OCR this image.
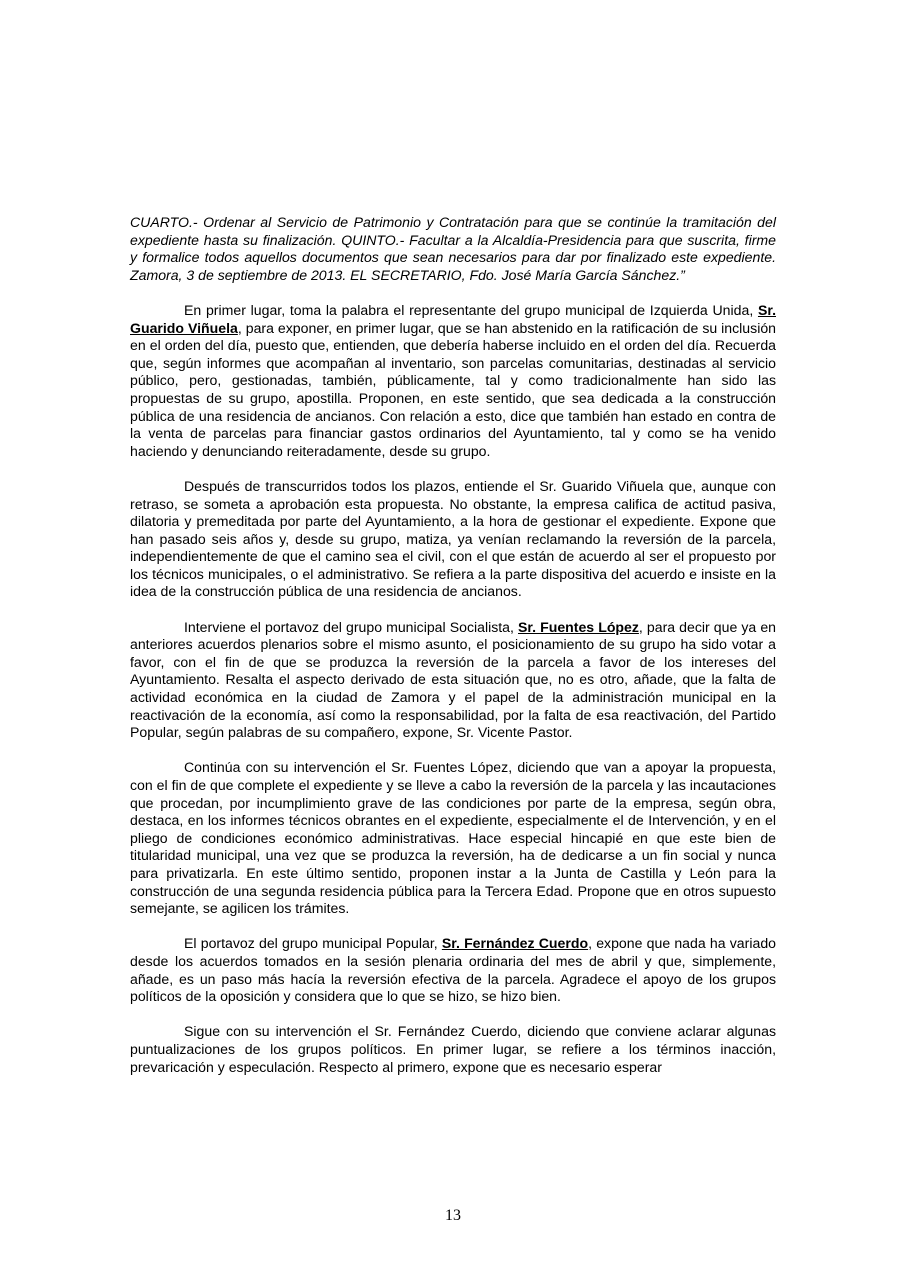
CUARTO.- Ordenar al Servicio de Patrimonio y Contratación para que se continúe la tramitación del expediente hasta su finalización. QUINTO.- Facultar a la Alcaldía-Presidencia para que suscrita, firme y formalice todos aquellos documentos que sean necesarios para dar por finalizado este expediente. Zamora, 3 de septiembre de 2013. EL SECRETARIO, Fdo. José María García Sánchez.”

En primer lugar, toma la palabra el representante del grupo municipal de Izquierda Unida, Sr. Guarido Viñuela, para exponer, en primer lugar, que se han abstenido en la ratificación de su inclusión en el orden del día, puesto que, entienden, que debería haberse incluido en el orden del día. Recuerda que, según informes que acompañan al inventario, son parcelas comunitarias, destinadas al servicio público, pero, gestionadas, también, públicamente, tal y como tradicionalmente han sido las propuestas de su grupo, apostilla. Proponen, en este sentido, que sea dedicada a la construcción pública de una residencia de ancianos. Con relación a esto, dice que también han estado en contra de la venta de parcelas para financiar gastos ordinarios del Ayuntamiento, tal y como se ha venido haciendo y denunciando reiteradamente, desde su grupo.

Después de transcurridos todos los plazos, entiende el Sr. Guarido Viñuela que, aunque con retraso, se someta a aprobación esta propuesta. No obstante, la empresa califica de actitud pasiva, dilatoria y premeditada por parte del Ayuntamiento, a la hora de gestionar el expediente. Expone que han pasado seis años y, desde su grupo, matiza, ya venían reclamando la reversión de la parcela, independientemente de que el camino sea el civil, con el que están de acuerdo al ser el propuesto por los técnicos municipales, o el administrativo. Se refiera a la parte dispositiva del acuerdo e insiste en la idea de la construcción pública de una residencia de ancianos.

Interviene el portavoz del grupo municipal Socialista, Sr. Fuentes López, para decir que ya en anteriores acuerdos plenarios sobre el mismo asunto, el posicionamiento de su grupo ha sido votar a favor, con el fin de que se produzca la reversión de la parcela a favor de los intereses del Ayuntamiento. Resalta el aspecto derivado de esta situación que, no es otro, añade, que la falta de actividad económica en la ciudad de Zamora y el papel de la administración municipal en la reactivación de la economía, así como la responsabilidad, por la falta de esa reactivación, del Partido Popular, según palabras de su compañero, expone, Sr. Vicente Pastor.

Continúa con su intervención el Sr. Fuentes López, diciendo que van a apoyar la propuesta, con el fin de que complete el expediente y se lleve a cabo la reversión de la parcela y las incautaciones que procedan, por incumplimiento grave de las condiciones por parte de la empresa, según obra, destaca, en los informes técnicos obrantes en el expediente, especialmente el de Intervención, y en el pliego de condiciones económico administrativas. Hace especial hincapié en que este bien de titularidad municipal, una vez que se produzca la reversión, ha de dedicarse a un fin social y nunca para privatizarla. En este último sentido, proponen instar a la Junta de Castilla y León para la construcción de una segunda residencia pública para la Tercera Edad. Propone que en otros supuesto semejante, se agilicen los trámites.

El portavoz del grupo municipal Popular, Sr. Fernández Cuerdo, expone que nada ha variado desde los acuerdos tomados en la sesión plenaria ordinaria del mes de abril y que, simplemente, añade, es un paso más hacía la reversión efectiva de la parcela. Agradece el apoyo de los grupos políticos de la oposición y considera que lo que se hizo, se hizo bien.

Sigue con su intervención el Sr. Fernández Cuerdo, diciendo que conviene aclarar algunas puntualizaciones de los grupos políticos. En primer lugar, se refiere a los términos inacción, prevaricación y especulación. Respecto al primero, expone que es necesario esperar

13
